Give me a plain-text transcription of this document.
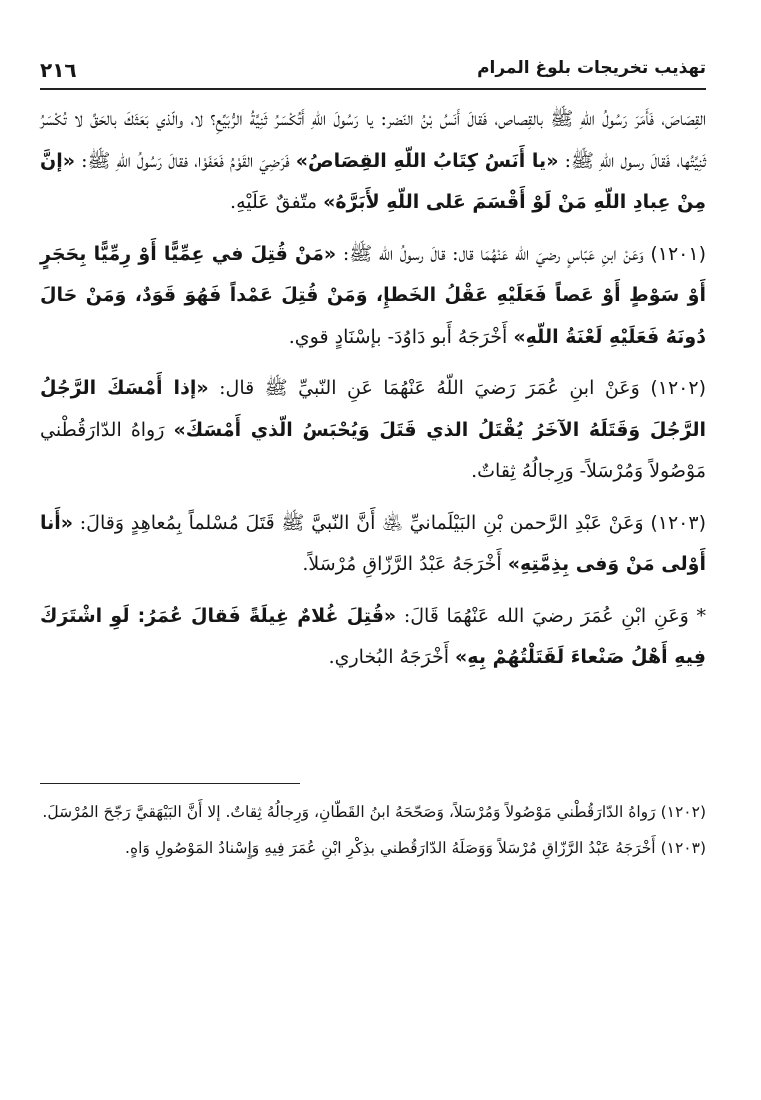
٢١٦	تهذيب تخريجات بلوغ المرام

القِصَاصَ، فَأَمَرَ رَسُولُ اللّهِ ﷺ بالقِصاص، فَقالَ أَنَسُ بْنُ النّضر: يا رَسُولَ اللّهِ أَتُكْسَرُ ثَنِيَّةُ الرُّبَيِّعِ؟ لا، والّذي بَعَثَكَ بالحَقِّ لا تُكْسَرُ ثَنِيَّتُها، فَقالَ رسول اللّهِ ﷺ: «يا أَنَسُ كِتَابُ اللّهِ القِصَاصُ» فَرَضِيَ القَوْمُ فَعَفَوْا، فقالَ رَسُولُ اللّهِ ﷺ: «إنَّ مِنْ عِبادِ اللّهِ مَنْ لَوْ أَقْسَمَ عَلى اللّهِ لأَبَرَّهُ» متّفقٌ عَلَيْهِ.

(١٢٠١) وَعَنْ ابنِ عَبّاسٍ رضيَ الله عَنْهُمَا قال: قالَ رسولُ الله ﷺ: «مَنْ قُتِلَ في عِمِّيًّا أَوْ رِمِّيًّا بِحَجَرٍ أَوْ سَوْطٍ أَوْ عَصاً فَعَلَيْهِ عَقْلُ الخَطإِ، وَمَنْ قُتِلَ عَمْداً فَهُوَ قَوَدٌ، وَمَنْ حَالَ دُونَهُ فَعَلَيْهِ لَعْنَةُ اللّهِ» أَخْرَجَهُ أَبو دَاوُدَ- بإسْنَادٍ قوي.

(١٢٠٢) وَعَنْ ابنِ عُمَرَ رَضيَ اللّهُ عَنْهُمَا عَنِ النّبيِّ ﷺ قال: «إذا أَمْسَكَ الرَّجُلُ الرَّجُلَ وَقَتَلَهُ الآخَرُ يُقْتَلُ الذي قَتَلَ وَيُحْبَسُ الّذي أَمْسَكَ» رَواهُ الدّارَقُطْني مَوْصُولاً وَمُرْسَلاً- وَرِجالُهُ ثِقاتٌ.

(١٢٠٣) وَعَنْ عَبْدِ الرَّحمن بْنِ البَيْلَمانيِّ ﵁ أَنَّ النّبيَّ ﷺ قَتَلَ مُسْلماً بِمُعاهِدٍ وَقالَ: «أَنا أَوْلى مَنْ وَفى بِذِمَّتِهِ» أَخْرَجَهُ عَبْدُ الرَّزّاقِ مُرْسَلاً.

* وَعَنِ ابْنِ عُمَرَ رضيَ الله عَنْهُمَا قَالَ: «قُتِلَ غُلامٌ غِيلَةً فَقالَ عُمَرُ: لَوِ اشْتَرَكَ فِيهِ أَهْلُ صَنْعاءَ لَقَتَلْتُهُمْ بِهِ» أَخْرَجَهُ البُخاري.

(١٢٠٢) رَواهُ الدّارَقُطْني مَوْصُولاً وَمُرْسَلاً، وَصَحّحَهُ ابنُ القَطّانِ، وَرِجالُهُ ثِقاتٌ. إلا أَنَّ البَيْهَقيَّ رَجّحَ المُرْسَلَ.

(١٢٠٣) أَخْرَجَهُ عَبْدُ الرَّزّاقِ مُرْسَلاً وَوَصَلَهُ الدّارَقُطني بذِكْرِ ابْنِ عُمَرَ فِيهِ وَإِسْنادُ المَوْصُولِ وَاهٍ.
